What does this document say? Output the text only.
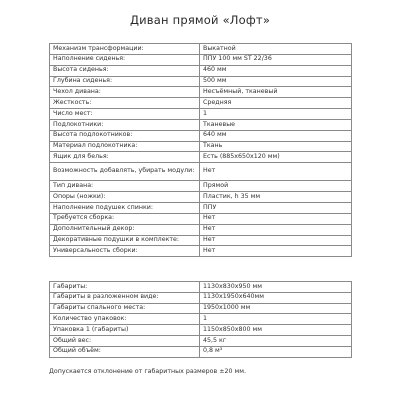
Диван прямой «Лофт»
Механизм трансформации:	Выкатной
Наполнение сиденья:	ППУ 100 мм ST 22/36
Высота сиденья:	460 мм
Глубина сиденья:	500 мм
Чехол дивана:	Несъёмный, тканевый
Жесткость:	Средняя
Число мест:	1
Подлокотники:	Тканевые
Высота подлокотников:	640 мм
Материал подлокотника:	Ткань
Ящик для белья:	Есть (885x650x120 мм)
Возможность добавлять, убирать модули:	Нет
Тип дивана:	Прямой
Опоры (ножки):	Пластик, h 35 мм
Наполнение подушек спинки:	ППУ
Требуется сборка:	Нет
Дополнительный декор:	Нет
Декоративные подушки в комплекте:	Нет
Универсальность сборки:	Нет
Габариты:	1130x830x950 мм
Габариты в разложенном виде:	1130x1950x640мм
Габариты спального места:	1950x1000 мм
Количество упаковок:	1
Упаковка 1 (габариты)	1150x850x800 мм
Общий вес:	45,5 кг
Общий объём:	0,8 м³
Допускается отклонение от габаритных размеров ±20 мм.
